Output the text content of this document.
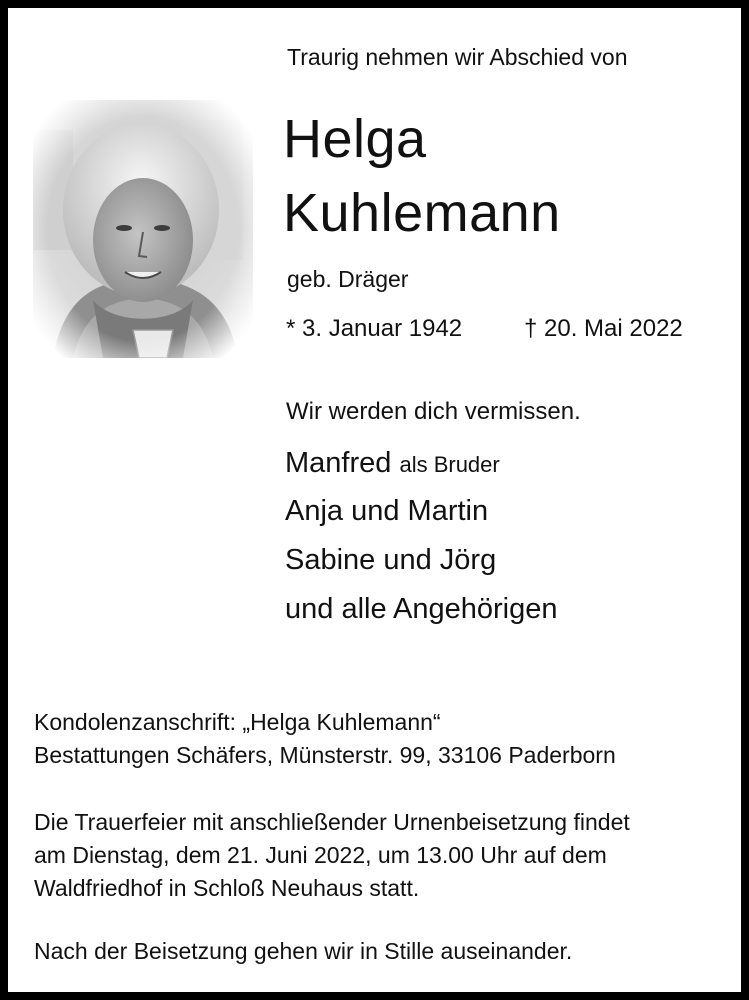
Traurig nehmen wir Abschied von
Helga
Kuhlemann
geb. Dräger
* 3. Januar 1942	† 20. Mai 2022
Wir werden dich vermissen.
Manfred als Bruder
Anja und Martin
Sabine und Jörg
und alle Angehörigen
Kondolenzanschrift: „Helga Kuhlemann“
Bestattungen Schäfers, Münsterstr. 99, 33106 Paderborn
Die Trauerfeier mit anschließender Urnenbeisetzung findet
am Dienstag, dem 21. Juni 2022, um 13.00 Uhr auf dem
Waldfriedhof in Schloß Neuhaus statt.
Nach der Beisetzung gehen wir in Stille auseinander.
